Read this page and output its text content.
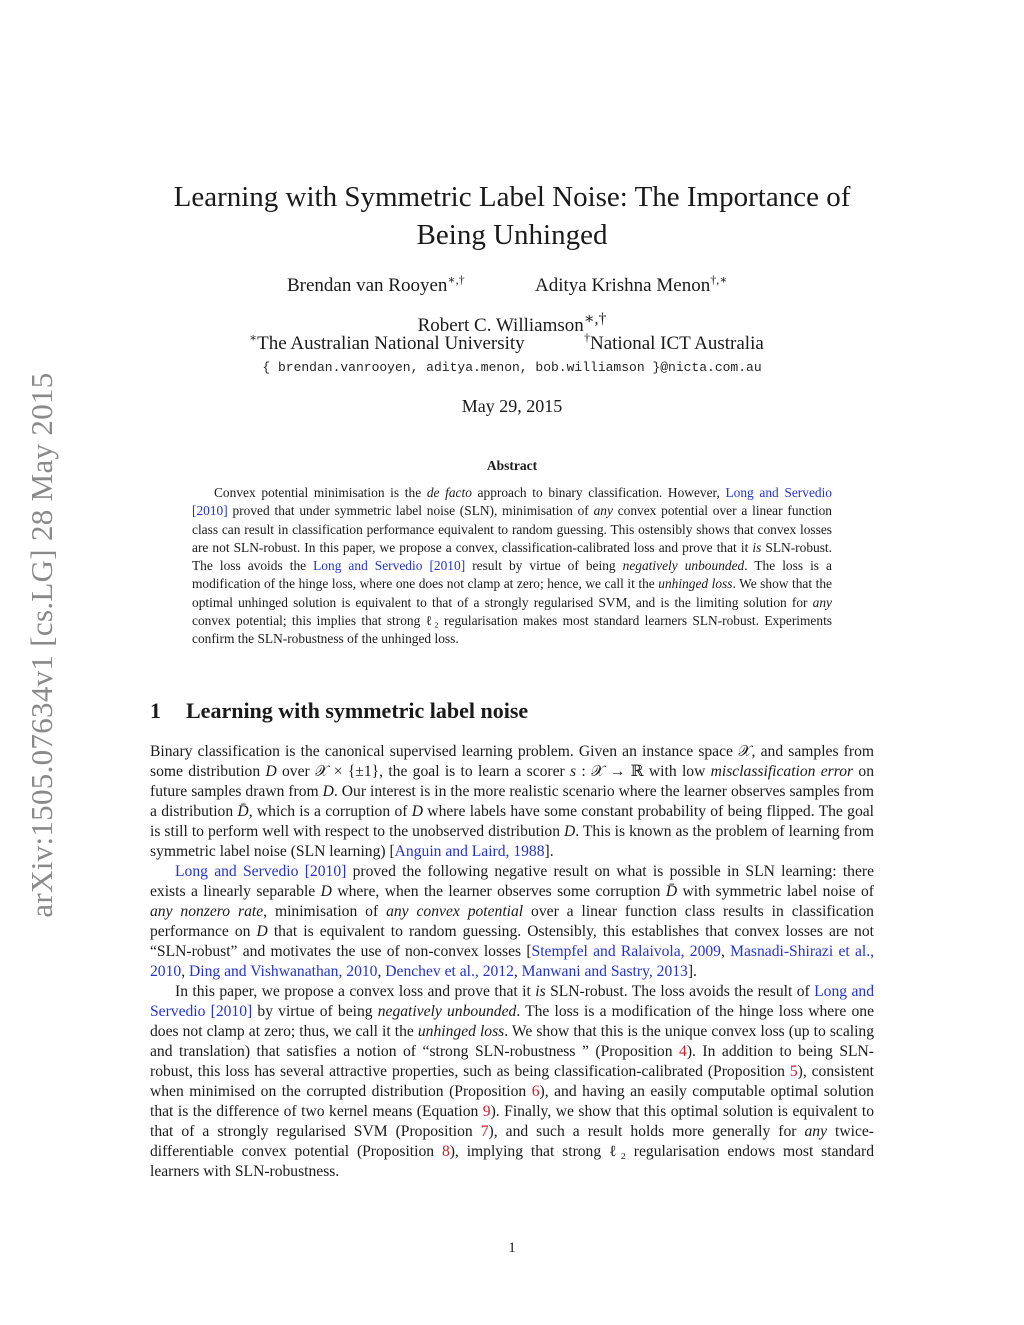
arXiv:1505.07634v1 [cs.LG] 28 May 2015
Learning with Symmetric Label Noise: The Importance of
Being Unhinged
Brendan van Rooyen∗,†	Aditya Krishna Menon†,∗
Robert C. Williamson∗,†
∗The Australian National University	†National ICT Australia
{ brendan.vanrooyen, aditya.menon, bob.williamson }@nicta.com.au
May 29, 2015
Abstract

Convex potential minimisation is the de facto approach to binary classification. However, Long and Servedio [2010] proved that under symmetric label noise (SLN), minimisation of any convex potential over a linear function class can result in classification performance equivalent to random guessing. This ostensibly shows that convex losses are not SLN-robust. In this paper, we propose a convex, classification-calibrated loss and prove that it is SLN-robust. The loss avoids the Long and Servedio [2010] result by virtue of being negatively unbounded. The loss is a modification of the hinge loss, where one does not clamp at zero; hence, we call it the unhinged loss. We show that the optimal unhinged solution is equivalent to that of a strongly regularised SVM, and is the limiting solution for any convex potential; this implies that strong ℓ₂ regularisation makes most standard learners SLN-robust. Experiments confirm the SLN-robustness of the unhinged loss.

1 Learning with symmetric label noise

Binary classification is the canonical supervised learning problem. Given an instance space 𝒳, and samples from some distribution D over 𝒳 × {±1}, the goal is to learn a scorer s : 𝒳 → ℝ with low misclassification error on future samples drawn from D. Our interest is in the more realistic scenario where the learner observes samples from a distribution D̄, which is a corruption of D where labels have some constant probability of being flipped. The goal is still to perform well with respect to the unobserved distribution D. This is known as the problem of learning from symmetric label noise (SLN learning) [Anguin and Laird, 1988].

Long and Servedio [2010] proved the following negative result on what is possible in SLN learning: there exists a linearly separable D where, when the learner observes some corruption D̄ with symmetric label noise of any nonzero rate, minimisation of any convex potential over a linear function class results in classification performance on D that is equivalent to random guessing. Ostensibly, this establishes that convex losses are not “SLN-robust” and motivates the use of non-convex losses [Stempfel and Ralaivola, 2009, Masnadi-Shirazi et al., 2010, Ding and Vishwanathan, 2010, Denchev et al., 2012, Manwani and Sastry, 2013].

In this paper, we propose a convex loss and prove that it is SLN-robust. The loss avoids the result of Long and Servedio [2010] by virtue of being negatively unbounded. The loss is a modification of the hinge loss where one does not clamp at zero; thus, we call it the unhinged loss. We show that this is the unique convex loss (up to scaling and translation) that satisfies a notion of “strong SLN-robustness ” (Proposition 4). In addition to being SLN-robust, this loss has several attractive properties, such as being classification-calibrated (Proposition 5), consistent when minimised on the corrupted distribution (Proposition 6), and having an easily computable optimal solution that is the difference of two kernel means (Equation 9). Finally, we show that this optimal solution is equivalent to that of a strongly regularised SVM (Proposition 7), and such a result holds more generally for any twice-differentiable convex potential (Proposition 8), implying that strong ℓ₂ regularisation endows most standard learners with SLN-robustness.

1
